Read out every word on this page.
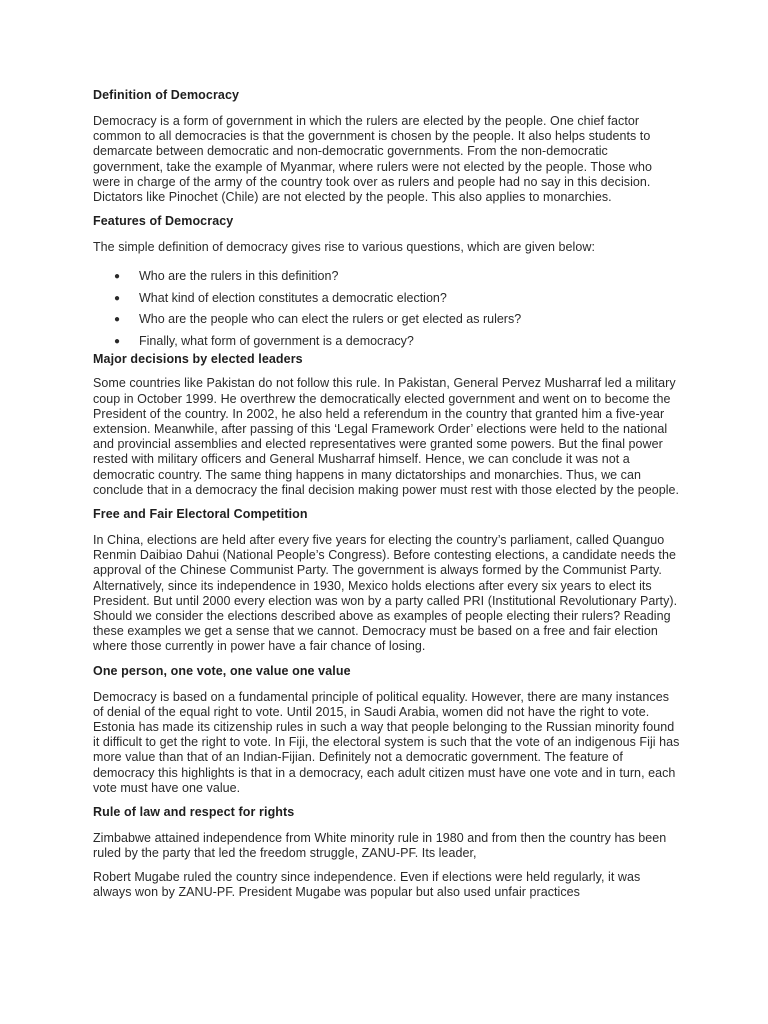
Definition of Democracy

Democracy is a form of government in which the rulers are elected by the people. One chief factor common to all democracies is that the government is chosen by the people. It also helps students to demarcate between democratic and non-democratic governments. From the non-democratic government, take the example of Myanmar, where rulers were not elected by the people. Those who were in charge of the army of the country took over as rulers and people had no say in this decision. Dictators like Pinochet (Chile) are not elected by the people. This also applies to monarchies.

Features of Democracy

The simple definition of democracy gives rise to various questions, which are given below:

● Who are the rulers in this definition?
● What kind of election constitutes a democratic election?
● Who are the people who can elect the rulers or get elected as rulers?
● Finally, what form of government is a democracy?
Major decisions by elected leaders

Some countries like Pakistan do not follow this rule. In Pakistan, General Pervez Musharraf led a military coup in October 1999. He overthrew the democratically elected government and went on to become the President of the country. In 2002, he also held a referendum in the country that granted him a five-year extension. Meanwhile, after passing of this ‘Legal Framework Order’ elections were held to the national and provincial assemblies and elected representatives were granted some powers. But the final power rested with military officers and General Musharraf himself. Hence, we can conclude it was not a democratic country. The same thing happens in many dictatorships and monarchies. Thus, we can conclude that in a democracy the final decision making power must rest with those elected by the people.

Free and Fair Electoral Competition

In China, elections are held after every five years for electing the country’s parliament, called Quanguo Renmin Daibiao Dahui (National People’s Congress). Before contesting elections, a candidate needs the approval of the Chinese Communist Party. The government is always formed by the Communist Party. Alternatively, since its independence in 1930, Mexico holds elections after every six years to elect its President. But until 2000 every election was won by a party called PRI (Institutional Revolutionary Party). Should we consider the elections described above as examples of people electing their rulers? Reading these examples we get a sense that we cannot. Democracy must be based on a free and fair election where those currently in power have a fair chance of losing.

One person, one vote, one value one value

Democracy is based on a fundamental principle of political equality. However, there are many instances of denial of the equal right to vote. Until 2015, in Saudi Arabia, women did not have the right to vote. Estonia has made its citizenship rules in such a way that people belonging to the Russian minority found it difficult to get the right to vote. In Fiji, the electoral system is such that the vote of an indigenous Fiji has more value than that of an Indian-Fijian. Definitely not a democratic government. The feature of democracy this highlights is that in a democracy, each adult citizen must have one vote and in turn, each vote must have one value.

Rule of law and respect for rights

Zimbabwe attained independence from White minority rule in 1980 and from then the country has been ruled by the party that led the freedom struggle, ZANU-PF. Its leader,

Robert Mugabe ruled the country since independence. Even if elections were held regularly, it was always won by ZANU-PF. President Mugabe was popular but also used unfair practices
